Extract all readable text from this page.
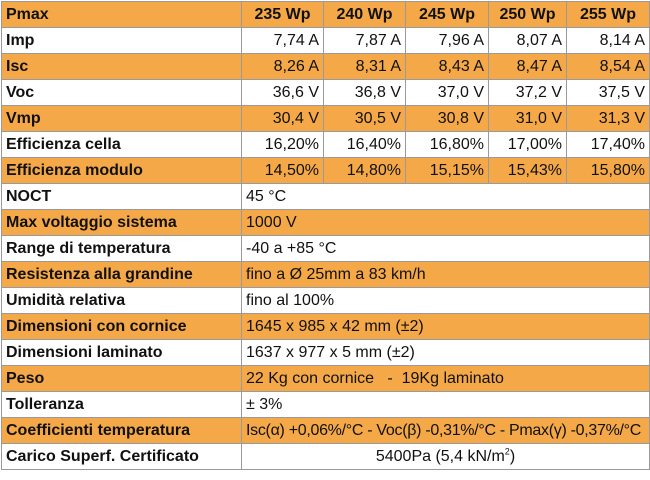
Pmax	235 Wp	240 Wp	245 Wp	250 Wp	255 Wp
Imp	7,74 A	7,87 A	7,96 A	8,07 A	8,14 A
Isc	8,26 A	8,31 A	8,43 A	8,47 A	8,54 A
Voc	36,6 V	36,8 V	37,0 V	37,2 V	37,5 V
Vmp	30,4 V	30,5 V	30,8 V	31,0 V	31,3 V
Efficienza cella	16,20%	16,40%	16,80%	17,00%	17,40%
Efficienza modulo	14,50%	14,80%	15,15%	15,43%	15,80%
NOCT	45 °C				
Max voltaggio sistema	1000 V				
Range di temperatura	-40 a +85 °C				
Resistenza alla grandine	fino a Ø 25mm a 83 km/h				
Umidità relativa	fino al 100%				
Dimensioni con cornice	1645 x 985 x 42 mm (±2)				
Dimensioni laminato	1637 x 977 x 5 mm (±2)				
Peso	22 Kg con cornice   -  19Kg laminato				
Tolleranza	± 3%				
Coefficienti temperatura	Isc(α) +0,06%/°C - Voc(β) -0,31%/°C - Pmax(γ) -0,37%/°C				
Carico Superf. Certificato	5400Pa (5,4 $kN/m^2$)				
